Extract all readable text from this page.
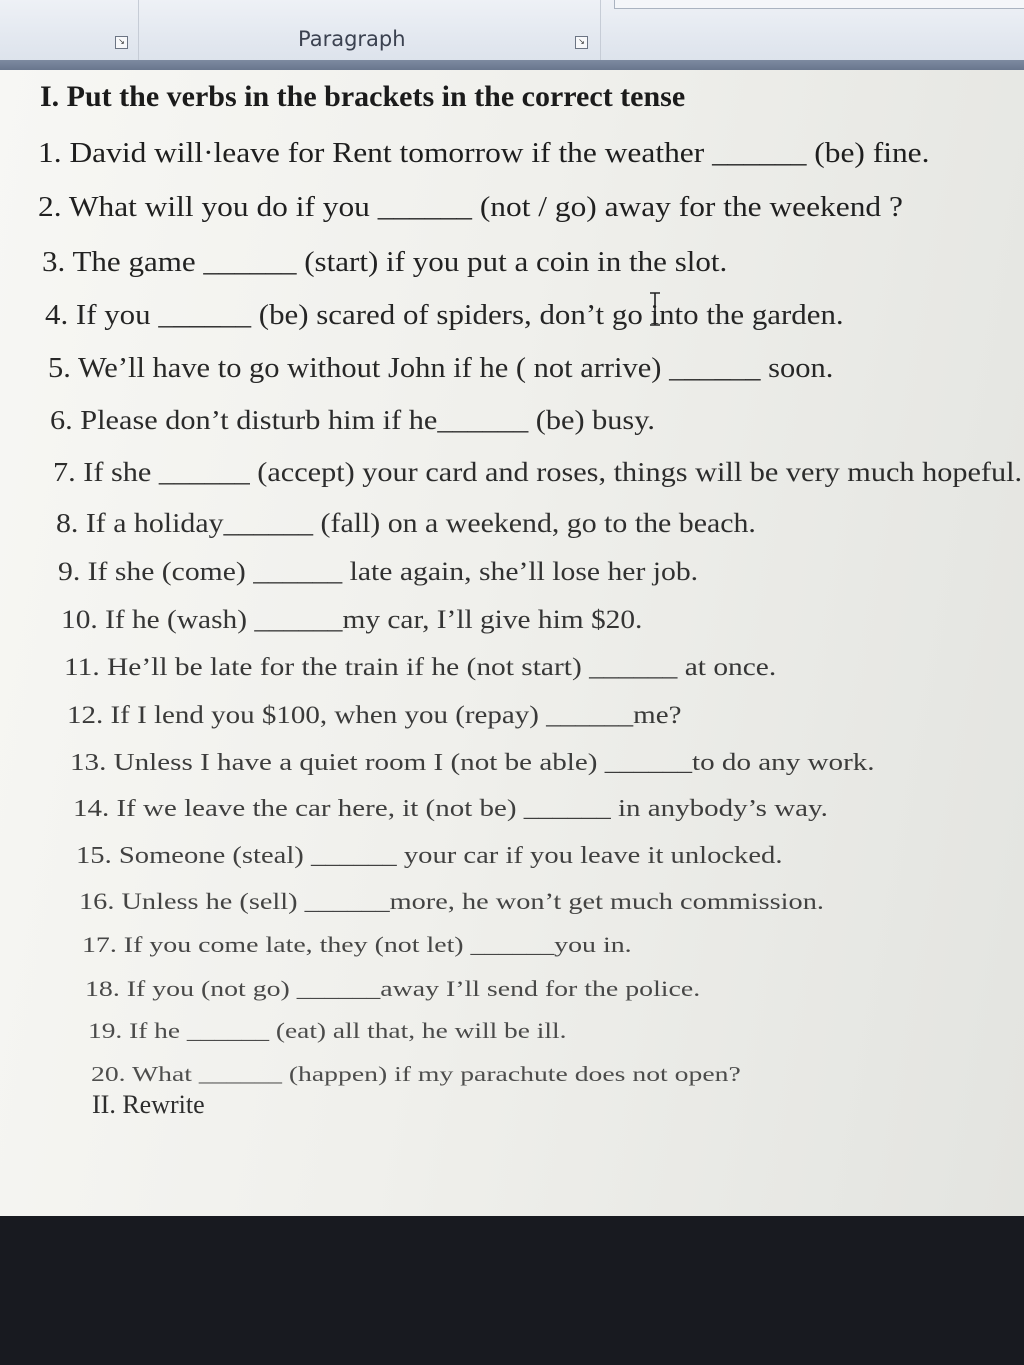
Paragraph
↘	↘
I. Put the verbs in the brackets in the correct tense
1. David will·leave for Rent tomorrow if the weather ______ (be) fine.
2. What will you do if you ______ (not / go) away for the weekend ?
3. The game ______ (start) if you put a coin in the slot.
4. If you ______ (be) scared of spiders, don’t go into the garden.
5. We’ll have to go without John if he ( not arrive) ______ soon.
6. Please don’t disturb him if he______ (be) busy.
7. If she ______ (accept) your card and roses, things will be very much hopeful.
8. If a holiday______ (fall) on a weekend, go to the beach.
9. If she (come) ______ late again, she’ll lose her job.
10. If he (wash) ______my car, I’ll give him $20.
11. He’ll be late for the train if he (not start) ______ at once.
12. If I lend you $100, when you (repay) ______me?
13. Unless I have a quiet room I (not be able) ______to do any work.
14. If we leave the car here, it (not be) ______ in anybody’s way.
15. Someone (steal) ______ your car if you leave it unlocked.
16. Unless he (sell) ______more, he won’t get much commission.
17. If you come late, they (not let) ______you in.
18. If you (not go) ______away I’ll send for the police.
19. If he ______ (eat) all that, he will be ill.
20. What ______ (happen) if my parachute does not open?
II. Rewrite
